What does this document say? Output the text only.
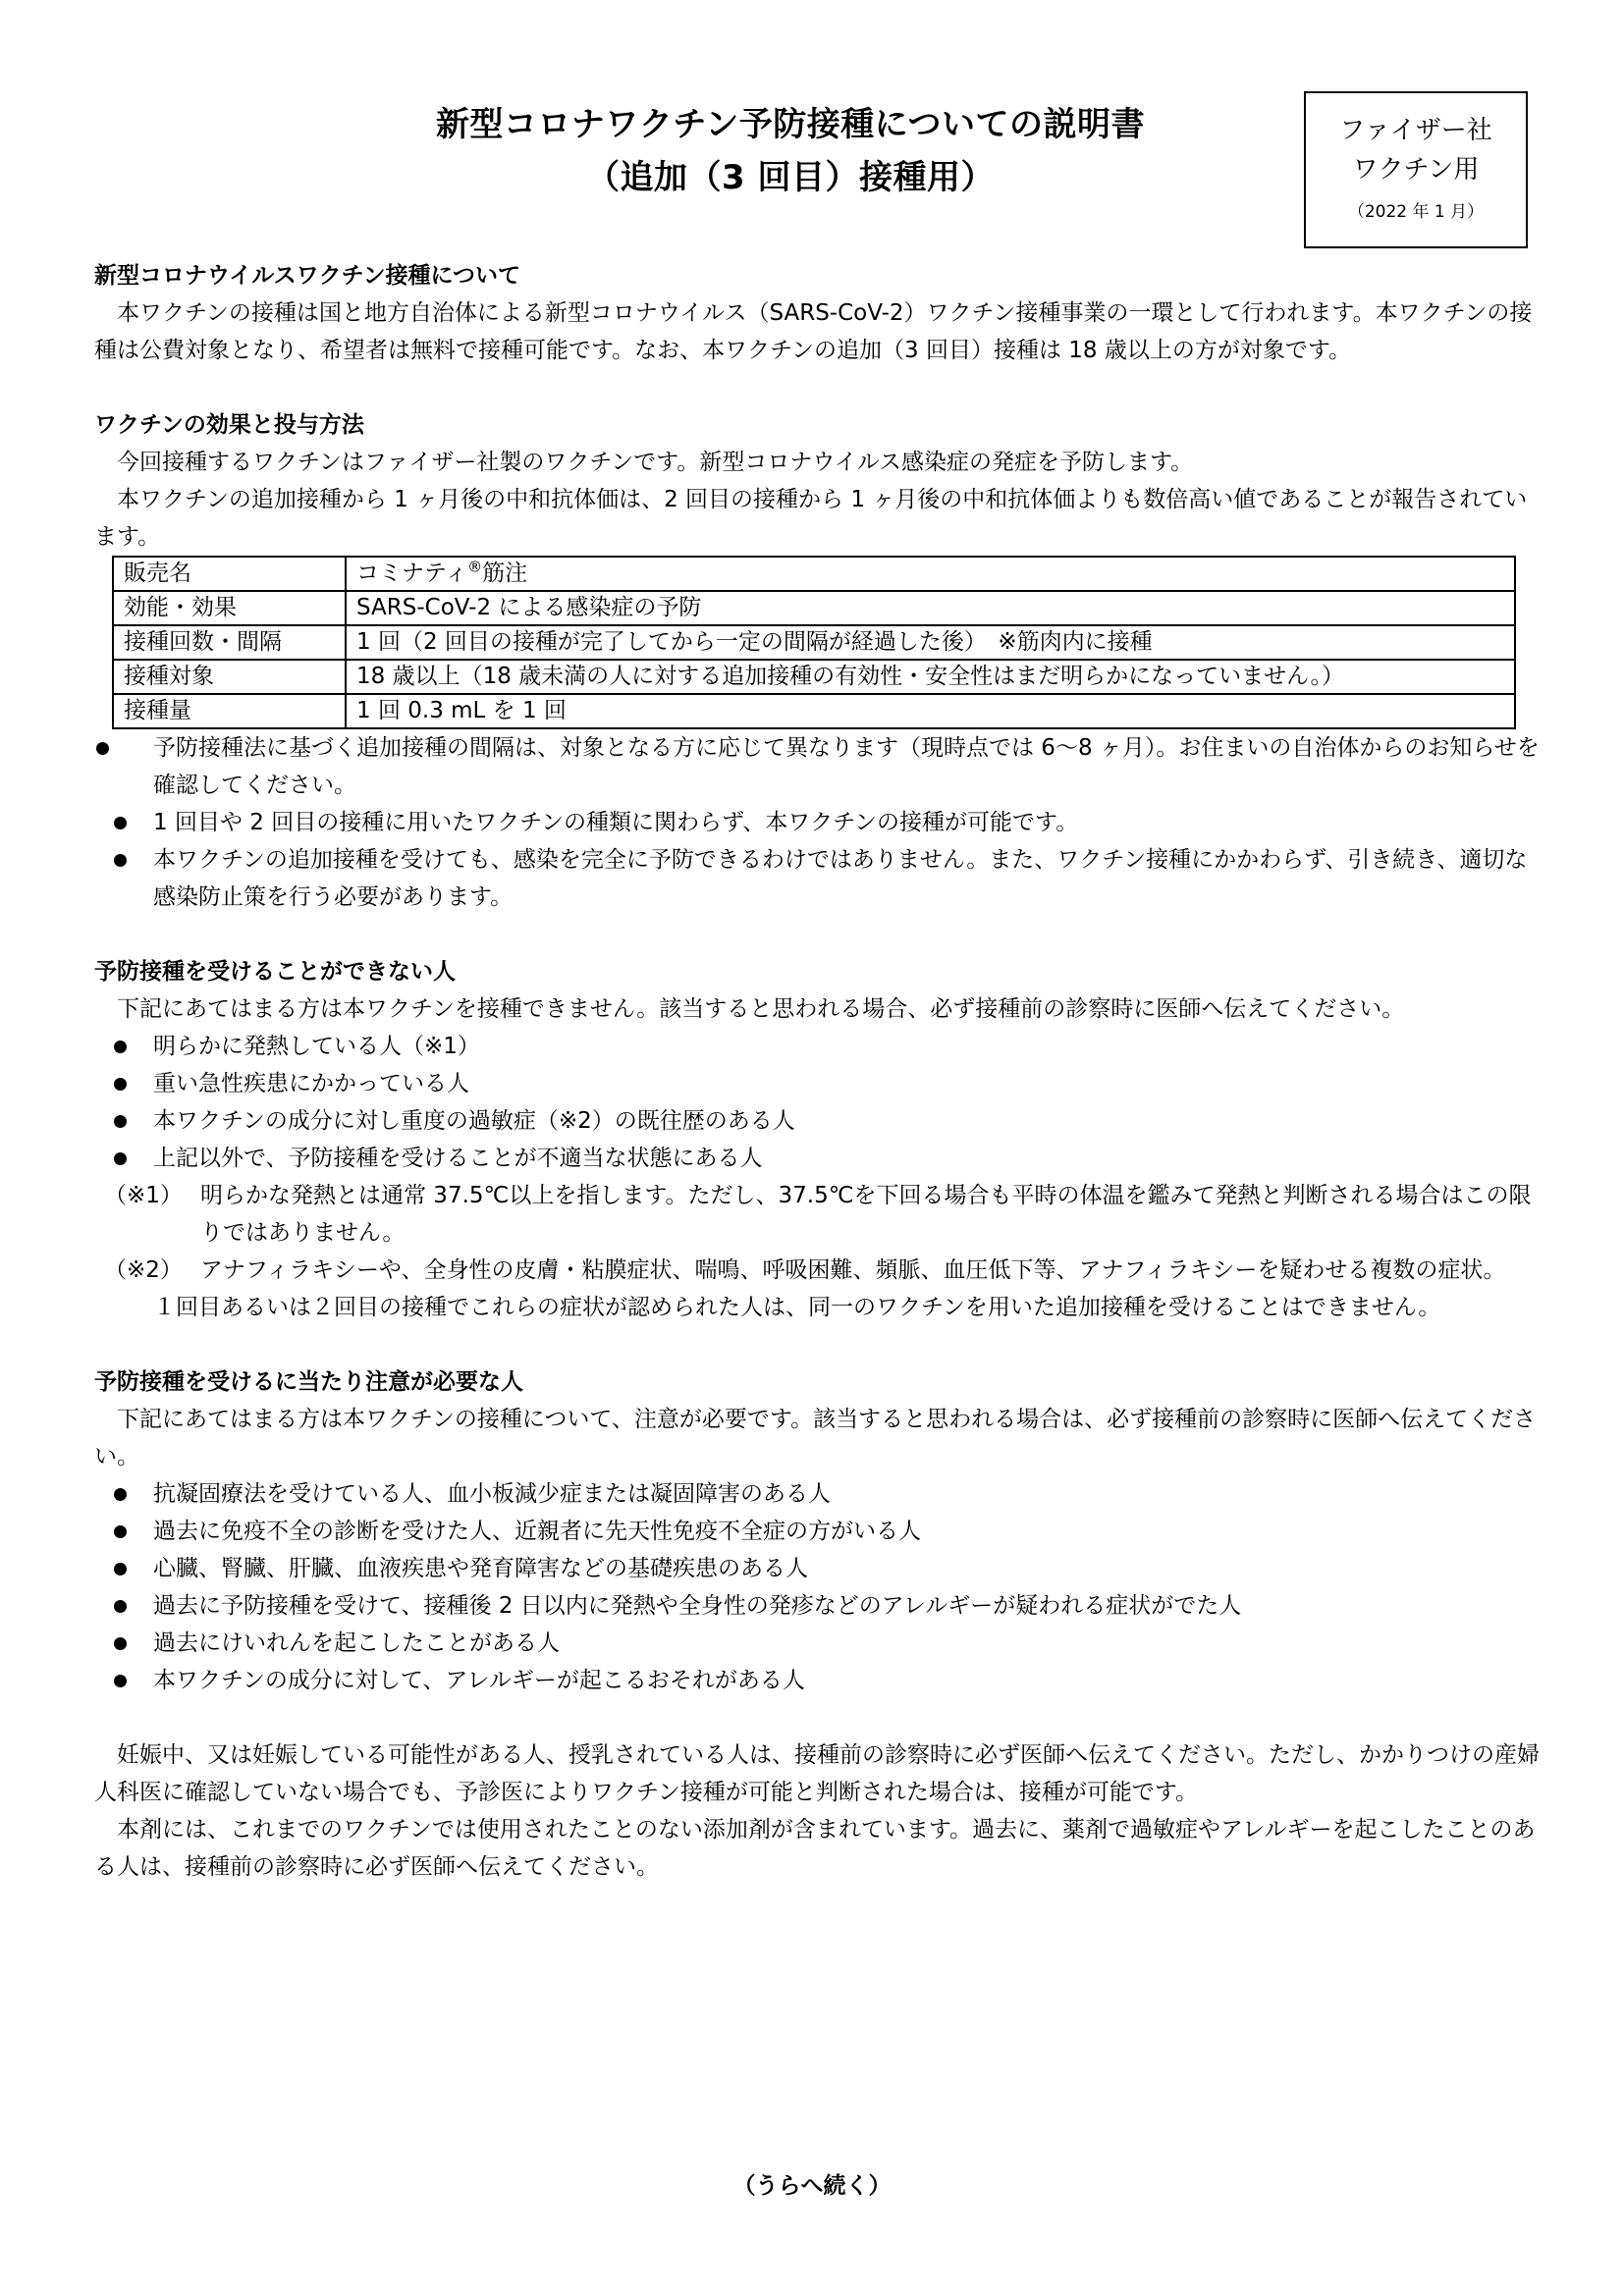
新型コロナワクチン予防接種についての説明書
（追加（3 回目）接種用）
ファイザー社
ワクチン用
（2022 年 1 月）
新型コロナウイルスワクチン接種について
本ワクチンの接種は国と地方自治体による新型コロナウイルス（SARS-CoV-2）ワクチン接種事業の一環として行われます。本ワクチンの接種は公費対象となり、希望者は無料で接種可能です。なお、本ワクチンの追加（3 回目）接種は 18 歳以上の方が対象です。
ワクチンの効果と投与方法
今回接種するワクチンはファイザー社製のワクチンです。新型コロナウイルス感染症の発症を予防します。
本ワクチンの追加接種から 1 ヶ月後の中和抗体価は、2 回目の接種から 1 ヶ月後の中和抗体価よりも数倍高い値であることが報告されています。
販売名	コミナティ®筋注
効能・効果	SARS-CoV-2 による感染症の予防
接種回数・間隔	1 回（2 回目の接種が完了してから一定の間隔が経過した後）　※筋肉内に接種
接種対象	18 歳以上（18 歳未満の人に対する追加接種の有効性・安全性はまだ明らかになっていません。）
接種量	1 回 0.3 mL を 1 回
予防接種法に基づく追加接種の間隔は、対象となる方に応じて異なります（現時点では 6～8 ヶ月）。お住まいの自治体からのお知らせを確認してください。
1 回目や 2 回目の接種に用いたワクチンの種類に関わらず、本ワクチンの接種が可能です。
本ワクチンの追加接種を受けても、感染を完全に予防できるわけではありません。また、ワクチン接種にかかわらず、引き続き、適切な感染防止策を行う必要があります。
予防接種を受けることができない人
下記にあてはまる方は本ワクチンを接種できません。該当すると思われる場合、必ず接種前の診察時に医師へ伝えてください。
明らかに発熱している人（※1）
重い急性疾患にかかっている人
本ワクチンの成分に対し重度の過敏症（※2）の既往歴のある人
上記以外で、予防接種を受けることが不適当な状態にある人
（※1） 明らかな発熱とは通常 37.5℃以上を指します。ただし、37.5℃を下回る場合も平時の体温を鑑みて発熱と判断される場合はこの限りではありません。
（※2） アナフィラキシーや、全身性の皮膚・粘膜症状、喘鳴、呼吸困難、頻脈、血圧低下等、アナフィラキシーを疑わせる複数の症状。
１回目あるいは２回目の接種でこれらの症状が認められた人は、同一のワクチンを用いた追加接種を受けることはできません。
予防接種を受けるに当たり注意が必要な人
下記にあてはまる方は本ワクチンの接種について、注意が必要です。該当すると思われる場合は、必ず接種前の診察時に医師へ伝えてください。
抗凝固療法を受けている人、血小板減少症または凝固障害のある人
過去に免疫不全の診断を受けた人、近親者に先天性免疫不全症の方がいる人
心臓、腎臓、肝臓、血液疾患や発育障害などの基礎疾患のある人
過去に予防接種を受けて、接種後 2 日以内に発熱や全身性の発疹などのアレルギーが疑われる症状がでた人
過去にけいれんを起こしたことがある人
本ワクチンの成分に対して、アレルギーが起こるおそれがある人
妊娠中、又は妊娠している可能性がある人、授乳されている人は、接種前の診察時に必ず医師へ伝えてください。ただし、かかりつけの産婦人科医に確認していない場合でも、予診医によりワクチン接種が可能と判断された場合は、接種が可能です。
本剤には、これまでのワクチンでは使用されたことのない添加剤が含まれています。過去に、薬剤で過敏症やアレルギーを起こしたことのある人は、接種前の診察時に必ず医師へ伝えてください。
（うらへ続く）
